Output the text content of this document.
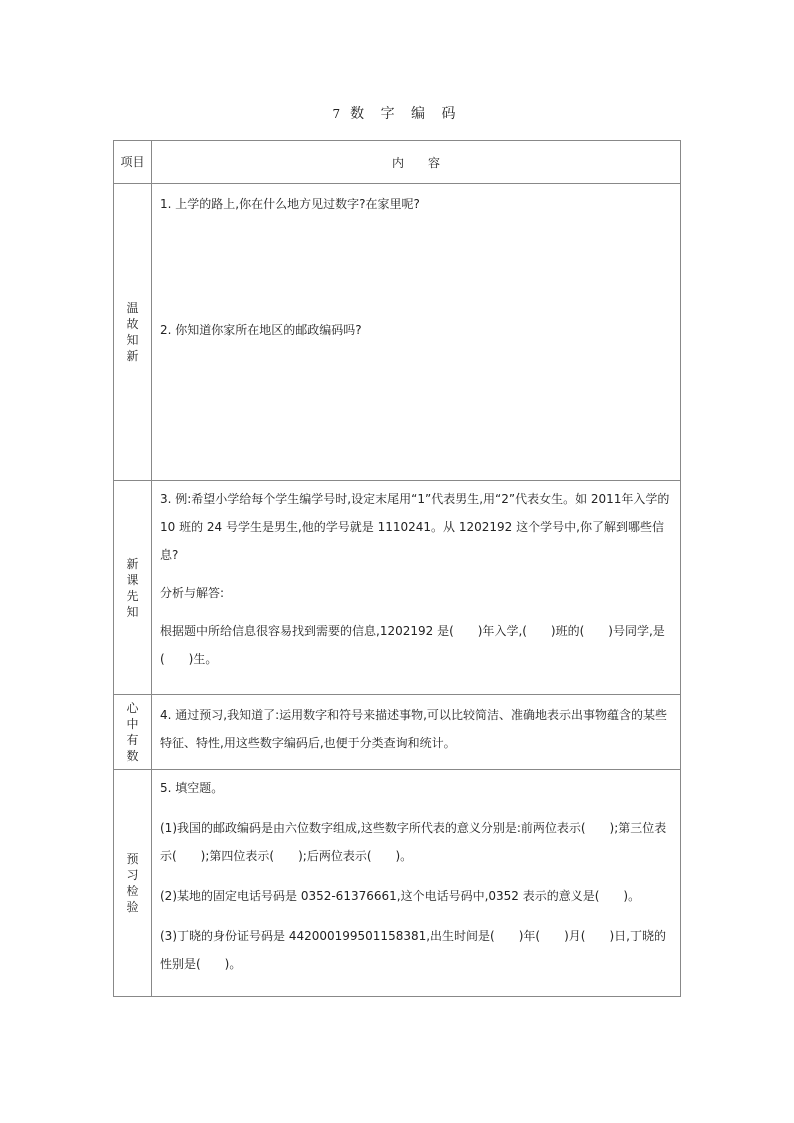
7 数 字 编 码
项目	内　　容
温故知新	1. 上学的路上,你在什么地方见过数字?在家里呢?

2. 你知道你家所在地区的邮政编码吗?

新课先知	3. 例:希望小学给每个学生编学号时,设定末尾用“1”代表男生,用“2”代表女生。如 2011年入学的 10 班的 24 号学生是男生,他的学号就是 1110241。从 1202192 这个学号中,你了解到哪些信息?

分析与解答:

根据题中所给信息很容易找到需要的信息,1202192 是(　　)年入学,(　　)班的(　　)号同学,是(　　)生。

心中有数	4. 通过预习,我知道了:运用数字和符号来描述事物,可以比较简洁、准确地表示出事物蕴含的某些特征、特性,用这些数字编码后,也便于分类查询和统计。

预习检验	5. 填空题。

(1)我国的邮政编码是由六位数字组成,这些数字所代表的意义分别是:前两位表示(　　);第三位表示(　　);第四位表示(　　);后两位表示(　　)。

(2)某地的固定电话号码是 0352-61376661,这个电话号码中,0352 表示的意义是(　　)。

(3)丁晓的身份证号码是 442000199501158381,出生时间是(　　)年(　　)月(　　)日,丁晓的性别是(　　)。
